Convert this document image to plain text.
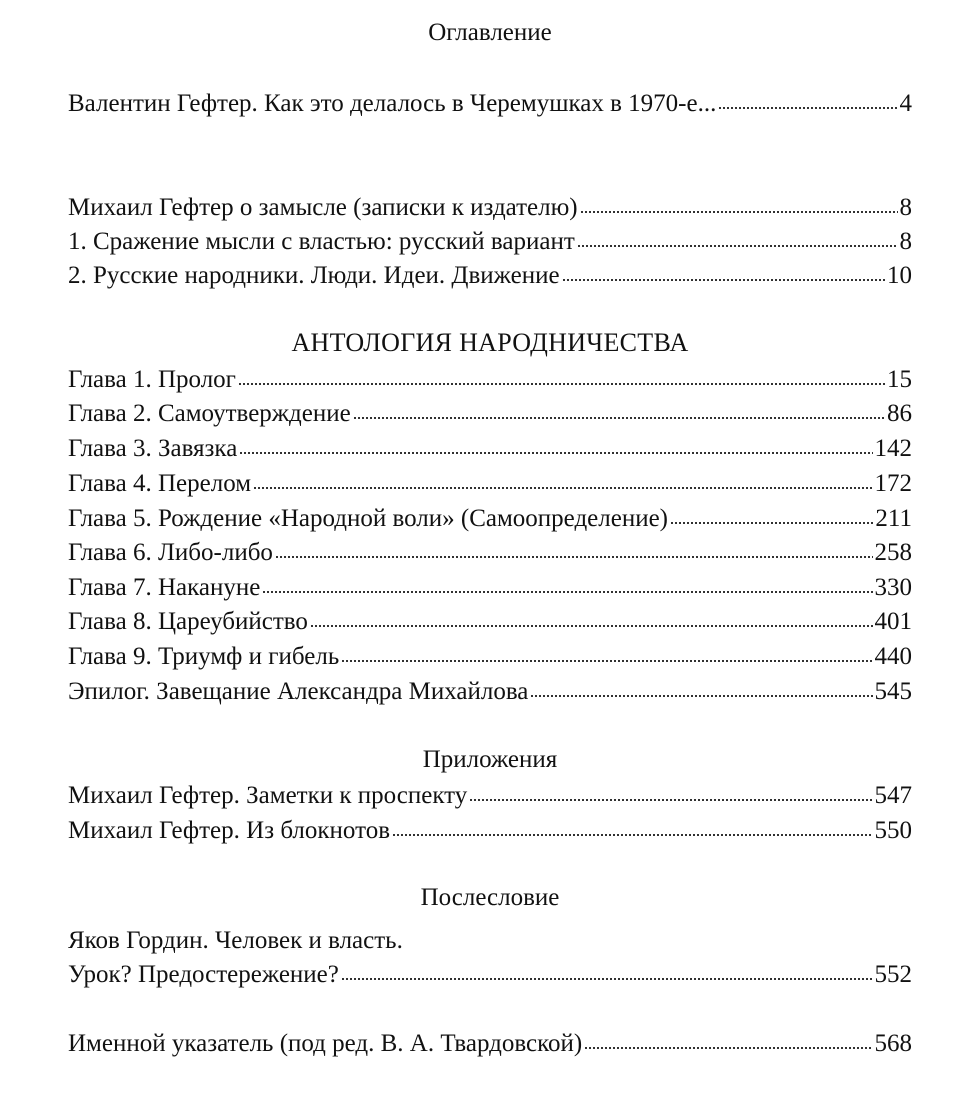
Оглавление
Валентин Гефтер. Как это делалось в Черемушках в 1970-е...	4
Михаил Гефтер о замысле (записки к издателю)	8
1. Сражение мысли с властью: русский вариант	8
2. Русские народники. Люди. Идеи. Движение	10
АНТОЛОГИЯ НАРОДНИЧЕСТВА
Глава 1. Пролог	15
Глава 2. Самоутверждение	86
Глава 3. Завязка	142
Глава 4. Перелом	172
Глава 5. Рождение «Народной воли» (Самоопределение)	211
Глава 6. Либо-либо	258
Глава 7. Накануне	330
Глава 8. Цареубийство	401
Глава 9. Триумф и гибель	440
Эпилог. Завещание Александра Михайлова	545
Приложения
Михаил Гефтер. Заметки к проспекту	547
Михаил Гефтер. Из блокнотов	550
Послесловие
Яков Гордин. Человек и власть.
Урок? Предостережение?	552
Именной указатель (под ред. В. А. Твардовской)	568
